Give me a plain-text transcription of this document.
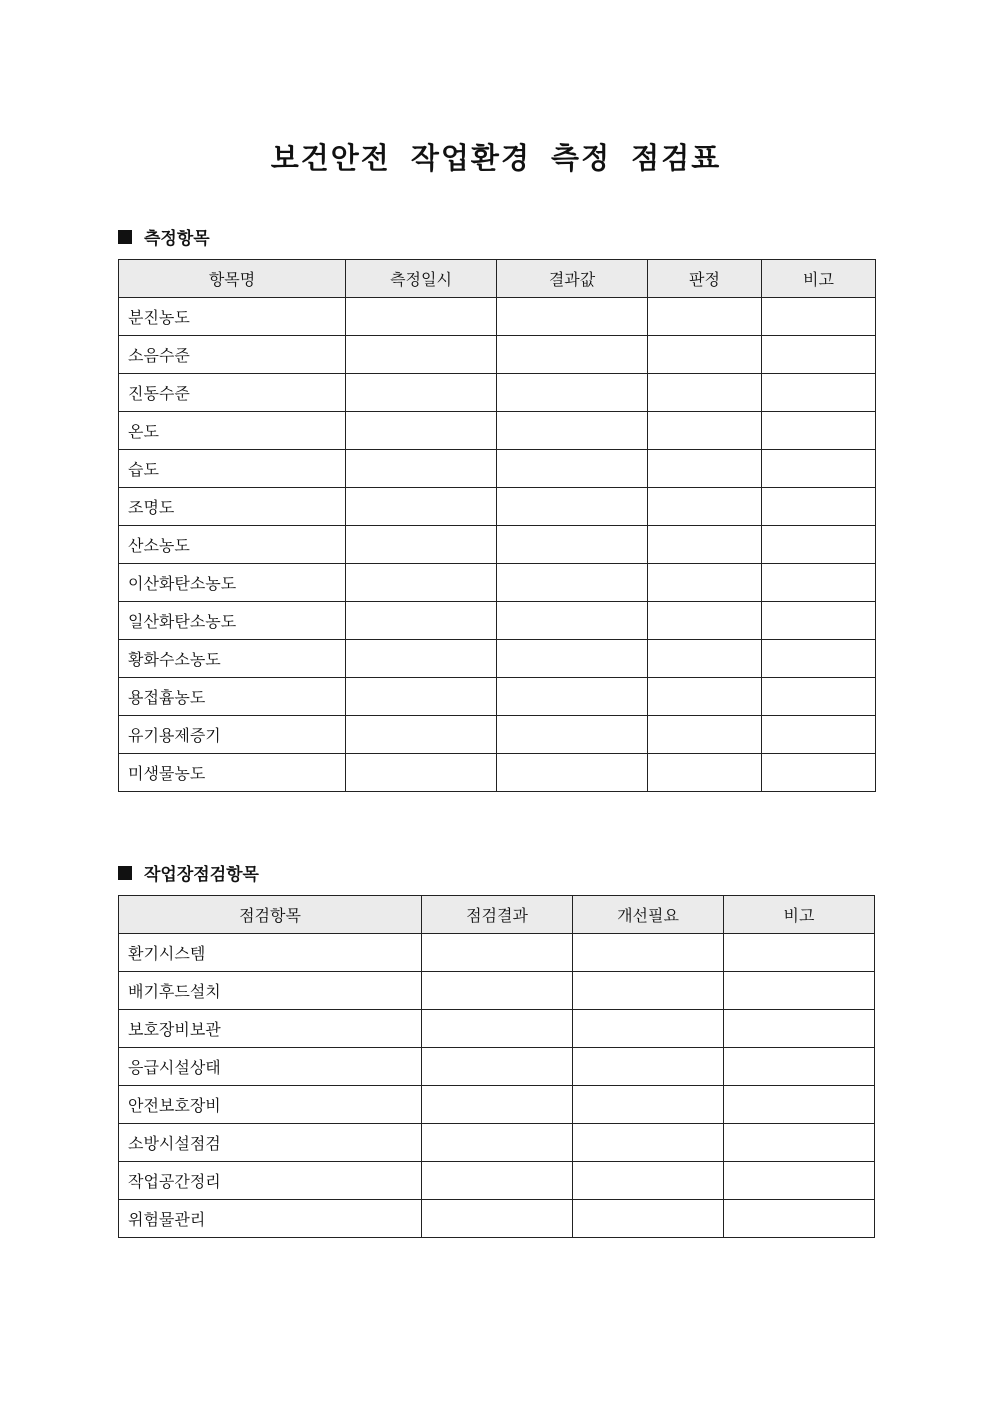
보건안전 작업환경 측정 점검표
측정항목
항목명	측정일시	결과값	판정	비고
분진농도				
소음수준				
진동수준				
온도				
습도				
조명도				
산소농도				
이산화탄소농도				
일산화탄소농도				
황화수소농도				
용접흄농도				
유기용제증기				
미생물농도				
작업장점검항목
점검항목	점검결과	개선필요	비고
환기시스템			
배기후드설치			
보호장비보관			
응급시설상태			
안전보호장비			
소방시설점검			
작업공간정리			
위험물관리			
